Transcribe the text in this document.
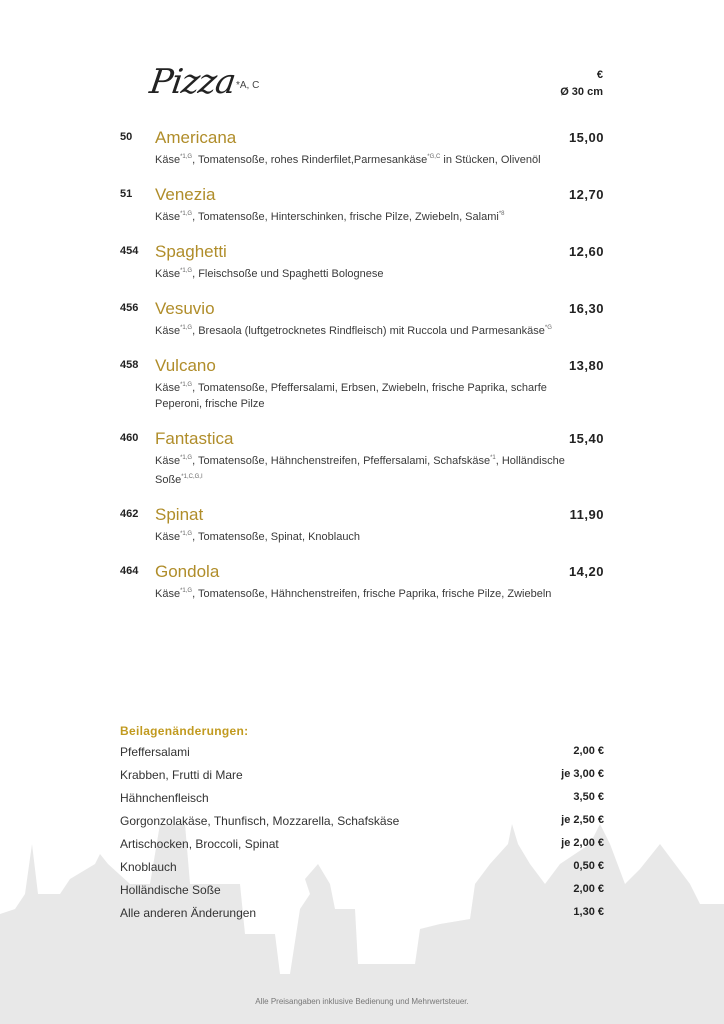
Pizza
*A, C
€
Ø 30 cm
50 Americana	15,00
Käse$^{*1,G}$, Tomatensoße, rohes Rinderfilet,Parmesankäse$^{*G,C}$ in Stücken, Olivenöl
51 Venezia	12,70
Käse$^{*1,G}$, Tomatensoße, Hinterschinken, frische Pilze, Zwiebeln, Salami$^{*8}$
454 Spaghetti	12,60
Käse$^{*1,G}$, Fleischsoße und Spaghetti Bolognese
456 Vesuvio	16,30
Käse$^{*1,G}$, Bresaola (luftgetrocknetes Rindfleisch) mit Ruccola und Parmesankäse$^{*G}$
458 Vulcano	13,80
Käse$^{*1,G}$, Tomatensoße, Pfeffersalami, Erbsen, Zwiebeln, frische Paprika, scharfe Peperoni, frische Pilze
460 Fantastica	15,40
Käse$^{*1,G}$, Tomatensoße, Hähnchenstreifen, Pfeffersalami, Schafskäse$^{*1}$, Holländische Soße$^{*1,C,G,I}$
462 Spinat	11,90
Käse$^{*1,G}$, Tomatensoße, Spinat, Knoblauch
464 Gondola	14,20
Käse$^{*1,G}$, Tomatensoße, Hähnchenstreifen, frische Paprika, frische Pilze, Zwiebeln
Beilagenänderungen:
Pfeffersalami	2,00 €
Krabben, Frutti di Mare	je 3,00 €
Hähnchenfleisch	3,50 €
Gorgonzolakäse, Thunfisch, Mozzarella, Schafskäse	je 2,50 €
Artischocken, Broccoli, Spinat	je 2,00 €
Knoblauch	0,50 €
Holländische Soße	2,00 €
Alle anderen Änderungen	1,30 €
Alle Preisangaben inklusive Bedienung und Mehrwertsteuer.
